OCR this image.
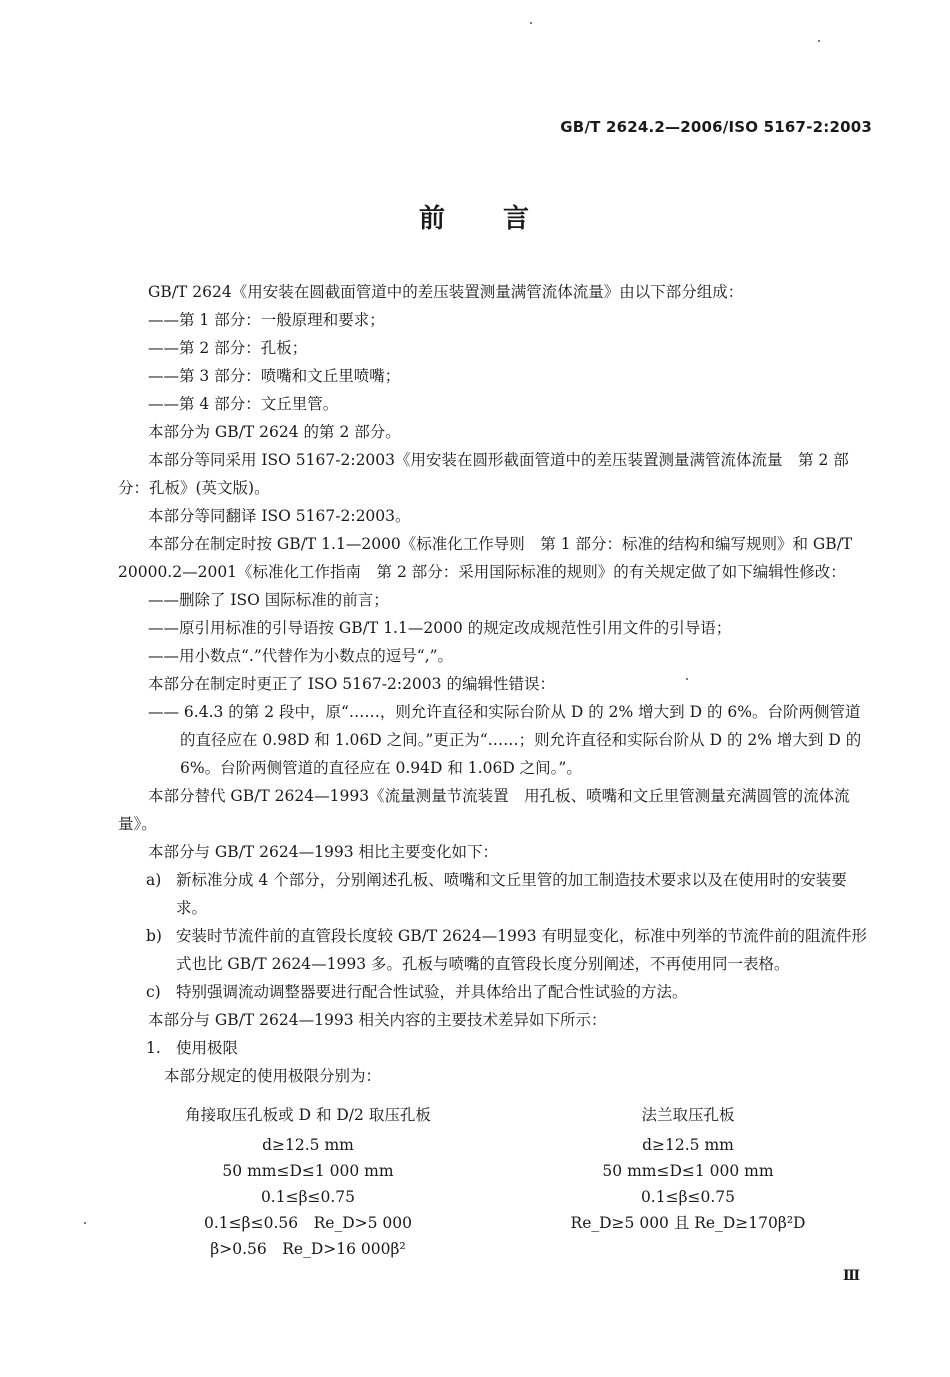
GB/T 2624.2—2006/ISO 5167-2:2003
前　　言

GB/T 2624《用安装在圆截面管道中的差压装置测量满管流体流量》由以下部分组成：

——第 1 部分：一般原理和要求；

——第 2 部分：孔板；

——第 3 部分：喷嘴和文丘里喷嘴；

——第 4 部分：文丘里管。

本部分为 GB/T 2624 的第 2 部分。

本部分等同采用 ISO 5167-2:2003《用安装在圆形截面管道中的差压装置测量满管流体流量　第 2 部分：孔板》(英文版)。

本部分等同翻译 ISO 5167-2:2003。

本部分在制定时按 GB/T 1.1—2000《标准化工作导则　第 1 部分：标准的结构和编写规则》和 GB/T 20000.2—2001《标准化工作指南　第 2 部分：采用国际标准的规则》的有关规定做了如下编辑性修改：

——删除了 ISO 国际标准的前言；

——原引用标准的引导语按 GB/T 1.1—2000 的规定改成规范性引用文件的引导语；

——用小数点“.”代替作为小数点的逗号“,”。

本部分在制定时更正了 ISO 5167-2:2003 的编辑性错误：

—— 6.4.3 的第 2 段中，原“……，则允许直径和实际台阶从 D 的 2% 增大到 D 的 6%。台阶两侧管道的直径应在 0.98D 和 1.06D 之间。”更正为“……；则允许直径和实际台阶从 D 的 2% 增大到 D 的 6%。台阶两侧管道的直径应在 0.94D 和 1.06D 之间。”。

本部分替代 GB/T 2624—1993《流量测量节流装置　用孔板、喷嘴和文丘里管测量充满圆管的流体流量》。

本部分与 GB/T 2624—1993 相比主要变化如下：

a) 新标准分成 4 个部分，分别阐述孔板、喷嘴和文丘里管的加工制造技术要求以及在使用时的安装要求。
b) 安装时节流件前的直管段长度较 GB/T 2624—1993 有明显变化，标准中列举的节流件前的阻流件形式也比 GB/T 2624—1993 多。孔板与喷嘴的直管段长度分别阐述，不再使用同一表格。
c) 特别强调流动调整器要进行配合性试验，并具体给出了配合性试验的方法。

本部分与 GB/T 2624—1993 相关内容的主要技术差异如下所示：

1. 使用极限

本部分规定的使用极限分别为：

角接取压孔板或 D 和 D/2 取压孔板
d≥12.5 mm
50 mm≤D≤1 000 mm
0.1≤β≤0.75
0.1≤β≤0.56　Re_D>5 000
β>0.56　Re_D>16 000β²
法兰取压孔板
d≥12.5 mm
50 mm≤D≤1 000 mm
0.1≤β≤0.75
Re_D≥5 000 且 Re_D≥170β²D
Ⅲ
